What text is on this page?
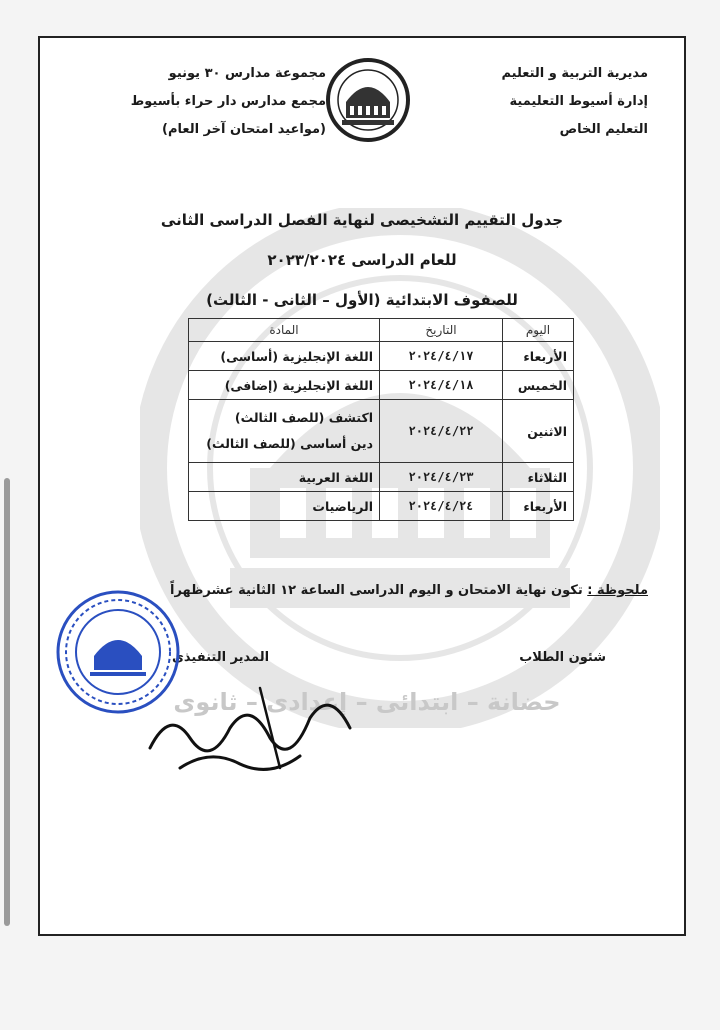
مديرية التربية و التعليم
إدارة أسيوط التعليمية
التعليم الخاص
مجموعة مدارس ٣٠ يونيو
مجمع مدارس دار حراء بأسيوط
(مواعيد امتحان آخر العام)
جدول التقييم التشخيصى لنهاية الفصل الدراسى الثانى
للعام الدراسى ٢٠٢٣/٢٠٢٤
للصفوف الابتدائية (الأول – الثانى - الثالث)
اليوم	التاريخ	المادة
الأربعاء	٢٠٢٤/٤/١٧	اللغة الإنجليزية (أساسى)
الخميس	٢٠٢٤/٤/١٨	اللغة الإنجليزية (إضافى)
الاثنين	٢٠٢٤/٤/٢٢	اكتشف (للصف الثالث)
دين أساسى (للصف الثالث)

الثلاثاء	٢٠٢٤/٤/٢٣	اللغة العربية
الأربعاء	٢٠٢٤/٤/٢٤	الرياضيات
ملحوظة : تكون نهاية الامتحان و اليوم الدراسى الساعة ١٢ الثانية عشرظهراً
حضانة – ابتدائى – إعدادى – ثانوى
شئون الطلاب
المدير التنفيذى
